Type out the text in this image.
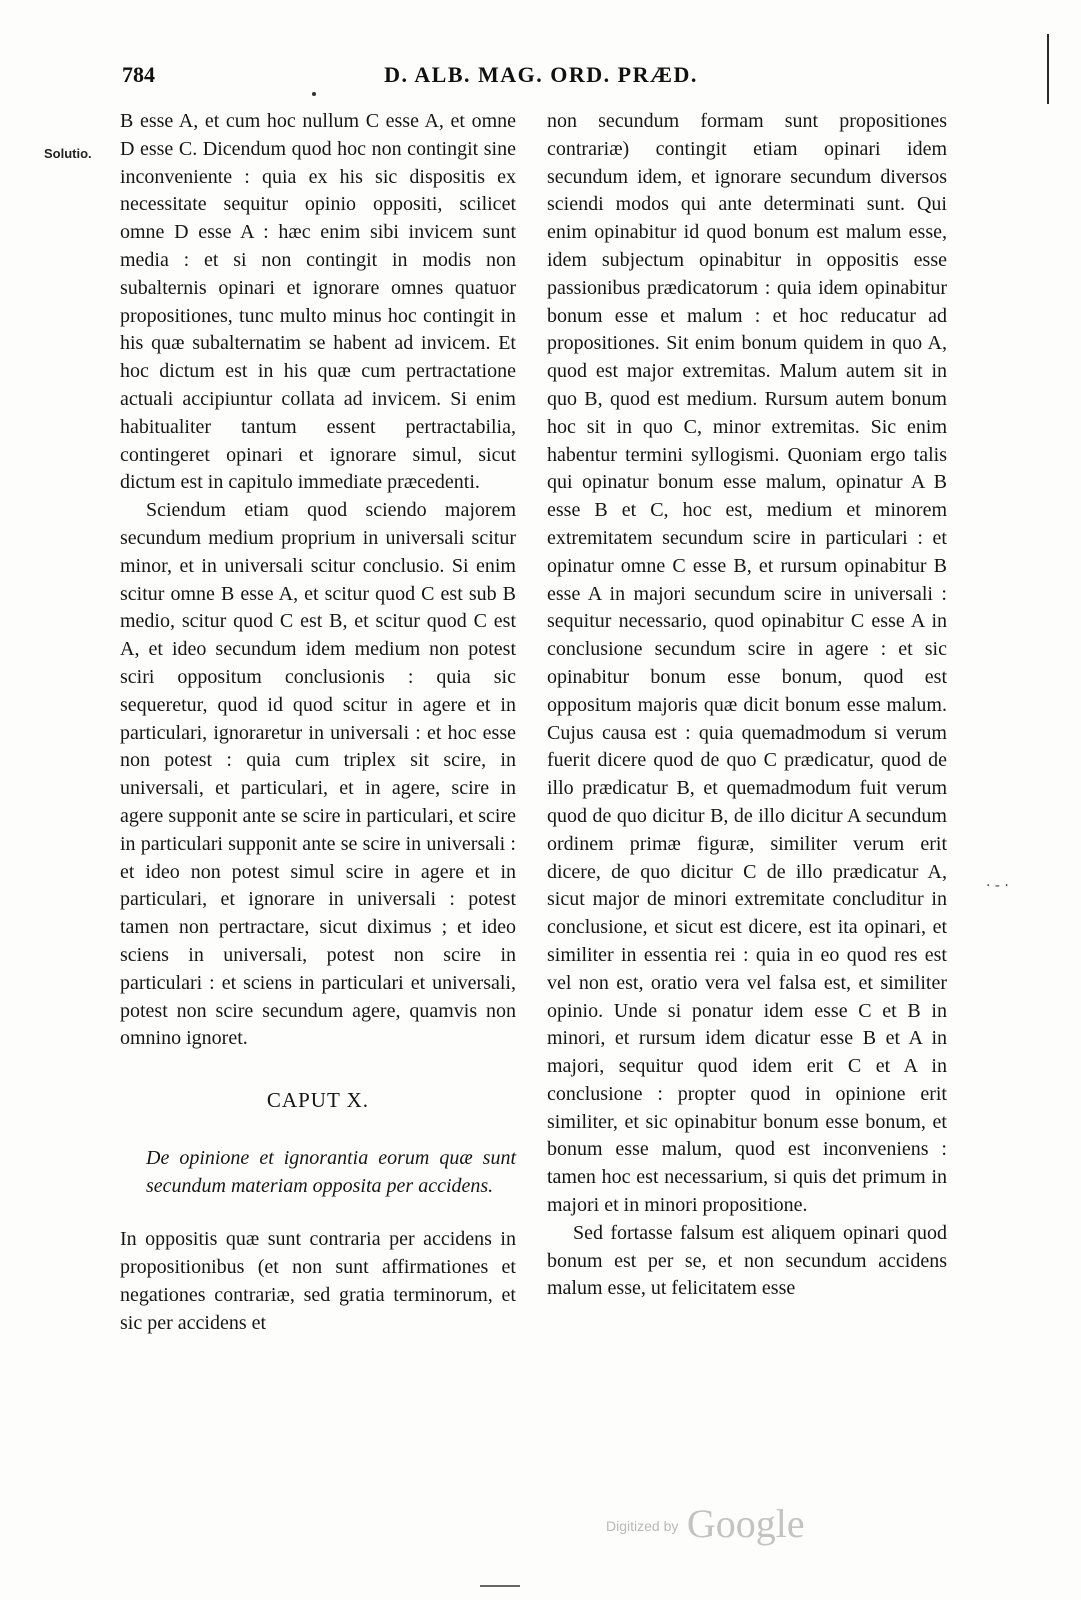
784	D. ALB. MAG. ORD. PRÆD.
Solutio.

B esse A, et cum hoc nullum C esse A, et omne D esse C. Dicendum quod hoc non contingit sine inconveniente : quia ex his sic dispositis ex necessitate sequitur opinio oppositi, scilicet omne D esse A : hæc enim sibi invicem sunt media : et si non contingit in modis non subalternis opinari et ignorare omnes quatuor propositiones, tunc multo minus hoc contingit in his quæ subalternatim se habent ad invicem. Et hoc dictum est in his quæ cum pertractatione actuali accipiuntur collata ad invicem. Si enim habitualiter tantum essent pertractabilia, contingeret opinari et ignorare simul, sicut dictum est in capitulo immediate præcedenti.

Sciendum etiam quod sciendo majorem secundum medium proprium in universali scitur minor, et in universali scitur conclusio. Si enim scitur omne B esse A, et scitur quod C est sub B medio, scitur quod C est B, et scitur quod C est A, et ideo secundum idem medium non potest sciri oppositum conclusionis : quia sic sequeretur, quod id quod scitur in agere et in particulari, ignoraretur in universali : et hoc esse non potest : quia cum triplex sit scire, in universali, et particulari, et in agere, scire in agere supponit ante se scire in particulari, et scire in particulari supponit ante se scire in universali : et ideo non potest simul scire in agere et in particulari, et ignorare in universali : potest tamen non pertractare, sicut diximus ; et ideo sciens in universali, potest non scire in particulari : et sciens in particulari et universali, potest non scire secundum agere, quamvis non omnino ignoret.

CAPUT X.

De opinione et ignorantia eorum quæ sunt secundum materiam opposita per accidens.

In oppositis quæ sunt contraria per accidens in propositionibus (et non sunt affirmationes et negationes contrariæ, sed gratia terminorum, et sic per accidens et

non secundum formam sunt propositiones contrariæ) contingit etiam opinari idem secundum idem, et ignorare secundum diversos sciendi modos qui ante determinati sunt. Qui enim opinabitur id quod bonum est malum esse, idem subjectum opinabitur in oppositis esse passionibus prædicatorum : quia idem opinabitur bonum esse et malum : et hoc reducatur ad propositiones. Sit enim bonum quidem in quo A, quod est major extremitas. Malum autem sit in quo B, quod est medium. Rursum autem bonum hoc sit in quo C, minor extremitas. Sic enim habentur termini syllogismi. Quoniam ergo talis qui opinatur bonum esse malum, opinatur A B esse B et C, hoc est, medium et minorem extremitatem secundum scire in particulari : et opinatur omne C esse B, et rursum opinabitur B esse A in majori secundum scire in universali : sequitur necessario, quod opinabitur C esse A in conclusione secundum scire in agere : et sic opinabitur bonum esse bonum, quod est oppositum majoris quæ dicit bonum esse malum. Cujus causa est : quia quemadmodum si verum fuerit dicere quod de quo C prædicatur, quod de illo prædicatur B, et quemadmodum fuit verum quod de quo dicitur B, de illo dicitur A secundum ordinem primæ figuræ, similiter verum erit dicere, de quo dicitur C de illo prædicatur A, sicut major de minori extremitate concluditur in conclusione, et sicut est dicere, est ita opinari, et similiter in essentia rei : quia in eo quod res est vel non est, oratio vera vel falsa est, et similiter opinio. Unde si ponatur idem esse C et B in minori, et rursum idem dicatur esse B et A in majori, sequitur quod idem erit C et A in conclusione : propter quod in opinione erit similiter, et sic opinabitur bonum esse bonum, et bonum esse malum, quod est inconveniens : tamen hoc est necessarium, si quis det primum in majori et in minori propositione.

Sed fortasse falsum est aliquem opinari quod bonum est per se, et non secundum accidens malum esse, ut felicitatem esse

· - ·
Digitized by Google
